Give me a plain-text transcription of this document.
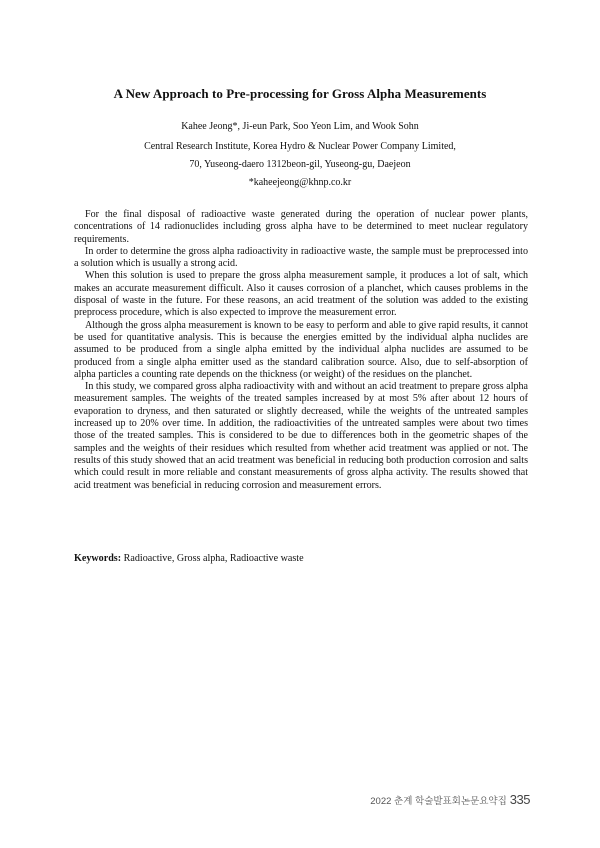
A New Approach to Pre-processing for Gross Alpha Measurements
Kahee Jeong*, Ji-eun Park, Soo Yeon Lim, and Wook Sohn
Central Research Institute, Korea Hydro & Nuclear Power Company Limited,
70, Yuseong-daero 1312beon-gil, Yuseong-gu, Daejeon
*kaheejeong@khnp.co.kr

For the final disposal of radioactive waste generated during the operation of nuclear power plants, concentrations of 14 radionuclides including gross alpha have to be determined to meet nuclear regulatory requirements.

In order to determine the gross alpha radioactivity in radioactive waste, the sample must be preprocessed into a solution which is usually a strong acid.

When this solution is used to prepare the gross alpha measurement sample, it produces a lot of salt, which makes an accurate measurement difficult. Also it causes corrosion of a planchet, which causes problems in the disposal of waste in the future. For these reasons, an acid treatment of the solution was added to the existing preprocess procedure, which is also expected to improve the measurement error.

Although the gross alpha measurement is known to be easy to perform and able to give rapid results, it cannot be used for quantitative analysis. This is because the energies emitted by the individual alpha nuclides are assumed to be produced from a single alpha emitted by the individual alpha nuclides are assumed to be produced from a single alpha emitter used as the standard calibration source. Also, due to self-absorption of alpha particles a counting rate depends on the thickness (or weight) of the residues on the planchet.

In this study, we compared gross alpha radioactivity with and without an acid treatment to prepare gross alpha measurement samples. The weights of the treated samples increased by at most 5% after about 12 hours of evaporation to dryness, and then saturated or slightly decreased, while the weights of the untreated samples increased up to 20% over time. In addition, the radioactivities of the untreated samples were about two times those of the treated samples. This is considered to be due to differences both in the geometric shapes of the samples and the weights of their residues which resulted from whether acid treatment was applied or not. The results of this study showed that an acid treatment was beneficial in reducing both production corrosion and salts which could result in more reliable and constant measurements of gross alpha activity. The results showed that acid treatment was beneficial in reducing corrosion and measurement errors.

Keywords: Radioactive, Gross alpha, Radioactive waste
2022 춘계 학술발표회논문요약집 335
